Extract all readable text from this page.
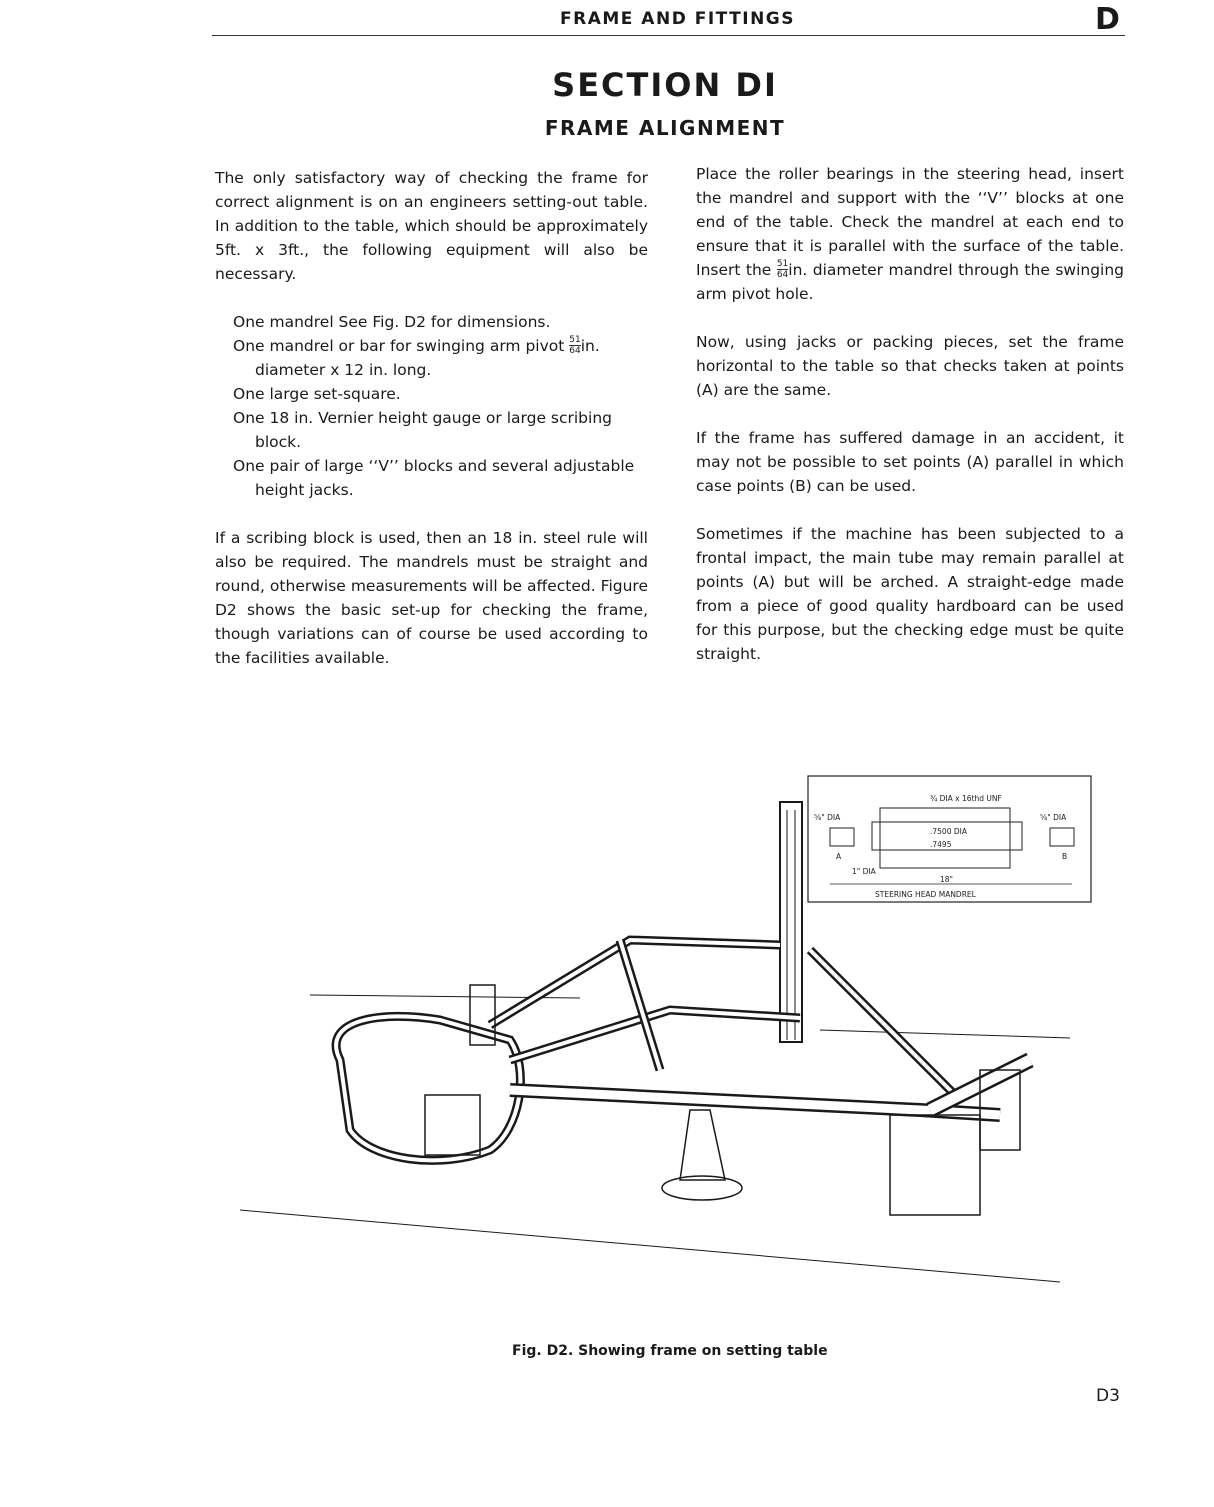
FRAME AND FITTINGS	D
SECTION DI
FRAME ALIGNMENT

The only satisfactory way of checking the frame for correct alignment is on an engineers setting-out table. In addition to the table, which should be approximately 5ft. x 3ft., the following equipment will also be necessary.

One mandrel See Fig. D2 for dimensions.
One mandrel or bar for swinging arm pivot $\frac{51}{64}$ in. diameter x 12 in. long.
One large set-square.
One 18 in. Vernier height gauge or large scribing block.
One pair of large ‘‘V’’ blocks and several adjustable height jacks.

If a scribing block is used, then an 18 in. steel rule will also be required. The mandrels must be straight and round, otherwise measurements will be affected. Figure D2 shows the basic set-up for checking the frame, though variations can of course be used according to the facilities available.

Place the roller bearings in the steering head, insert the mandrel and support with the ‘‘V’’ blocks at one end of the table. Check the mandrel at each end to ensure that it is parallel with the surface of the table. Insert the $\frac{51}{64}$ in. diameter mandrel through the swinging arm pivot hole.

Now, using jacks or packing pieces, set the frame horizontal to the table so that checks taken at points (A) are the same.

If the frame has suffered damage in an accident, it may not be possible to set points (A) parallel in which case points (B) can be used.

Sometimes if the machine has been subjected to a frontal impact, the main tube may remain parallel at points (A) but will be arched. A straight-edge made from a piece of good quality hardboard can be used for this purpose, but the checking edge must be quite straight.

¾ DIA x 16thd UNF
⅝" DIA	⅝" DIA
.7500 DIA
.7495
1" DIA
A	B
18"
STEERING HEAD MANDREL
Fig. D2. Showing frame on setting table
D3
